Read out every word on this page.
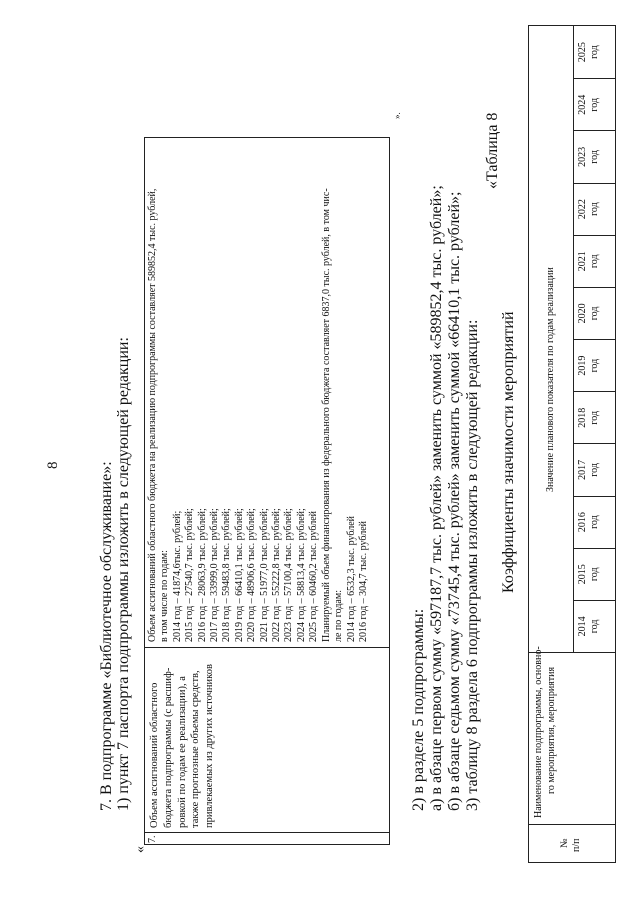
8 7. В подпрограмме «Библиотечное обслуживание»: 1) пункт 7 паспорта подпрограммы изложить в следующей редакции:
«
7.
Объем ассигнований областного бюджета подпрограммы (с расшиф- ровкой по годам ее реализации), а также прогнозные объемы средств, привлекаемых из других источников
Объем ассигнований областного бюджета на реализацию подпрограммы составляет 589852,4 тыс. рублей, в том числе по годам: 2014 год – 41874,6тыс. рублей; 2015 год – 27540,7 тыс. рублей; 2016 год – 28063,9 тыс. рублей; 2017 год – 33999,0 тыс. рублей; 2018 год – 59483,8 тыс. рублей; 2019 год – 66410,1 тыс. рублей; 2020 год – 48906,6 тыс. рублей; 2021 год – 51977,0 тыс. рублей; 2022 год – 55222,8 тыс. рублей; 2023 год – 57100,4 тыс. рублей; 2024 год – 58813,4 тыс. рублей; 2025 год – 60460,2 тыс. рублей Планируемый объем финансирования из федерального бюджета составляет 6837,0 тыс. рублей, в том чис- ле по годам: 2014 год – 6532,3 тыс. рублей 2016 год – 304,7 тыс. рублей
».
2) в разделе 5 подпрограммы: а) в абзаце первом сумму «597187,7 тыс. рублей» заменить суммой «589852,4 тыс. рублей»; б) в абзаце седьмом сумму «73745,4 тыс. рублей» заменить суммой «66410,1 тыс. рублей»; 3) таблицу 8 раздела 6 подпрограммы изложить в следующей редакции:
«Таблица 8
Коэффициенты значимости мероприятий
№ п/п
Наименование подпрограммы, основно- го мероприятия, мероприятия
Значение планового показателя по годам реализации
2014 год
2015 год
2016 год
2017 год
2018 год
2019 год
2020 год
2021 год
2022 год
2023 год
2024 год
2025 год
